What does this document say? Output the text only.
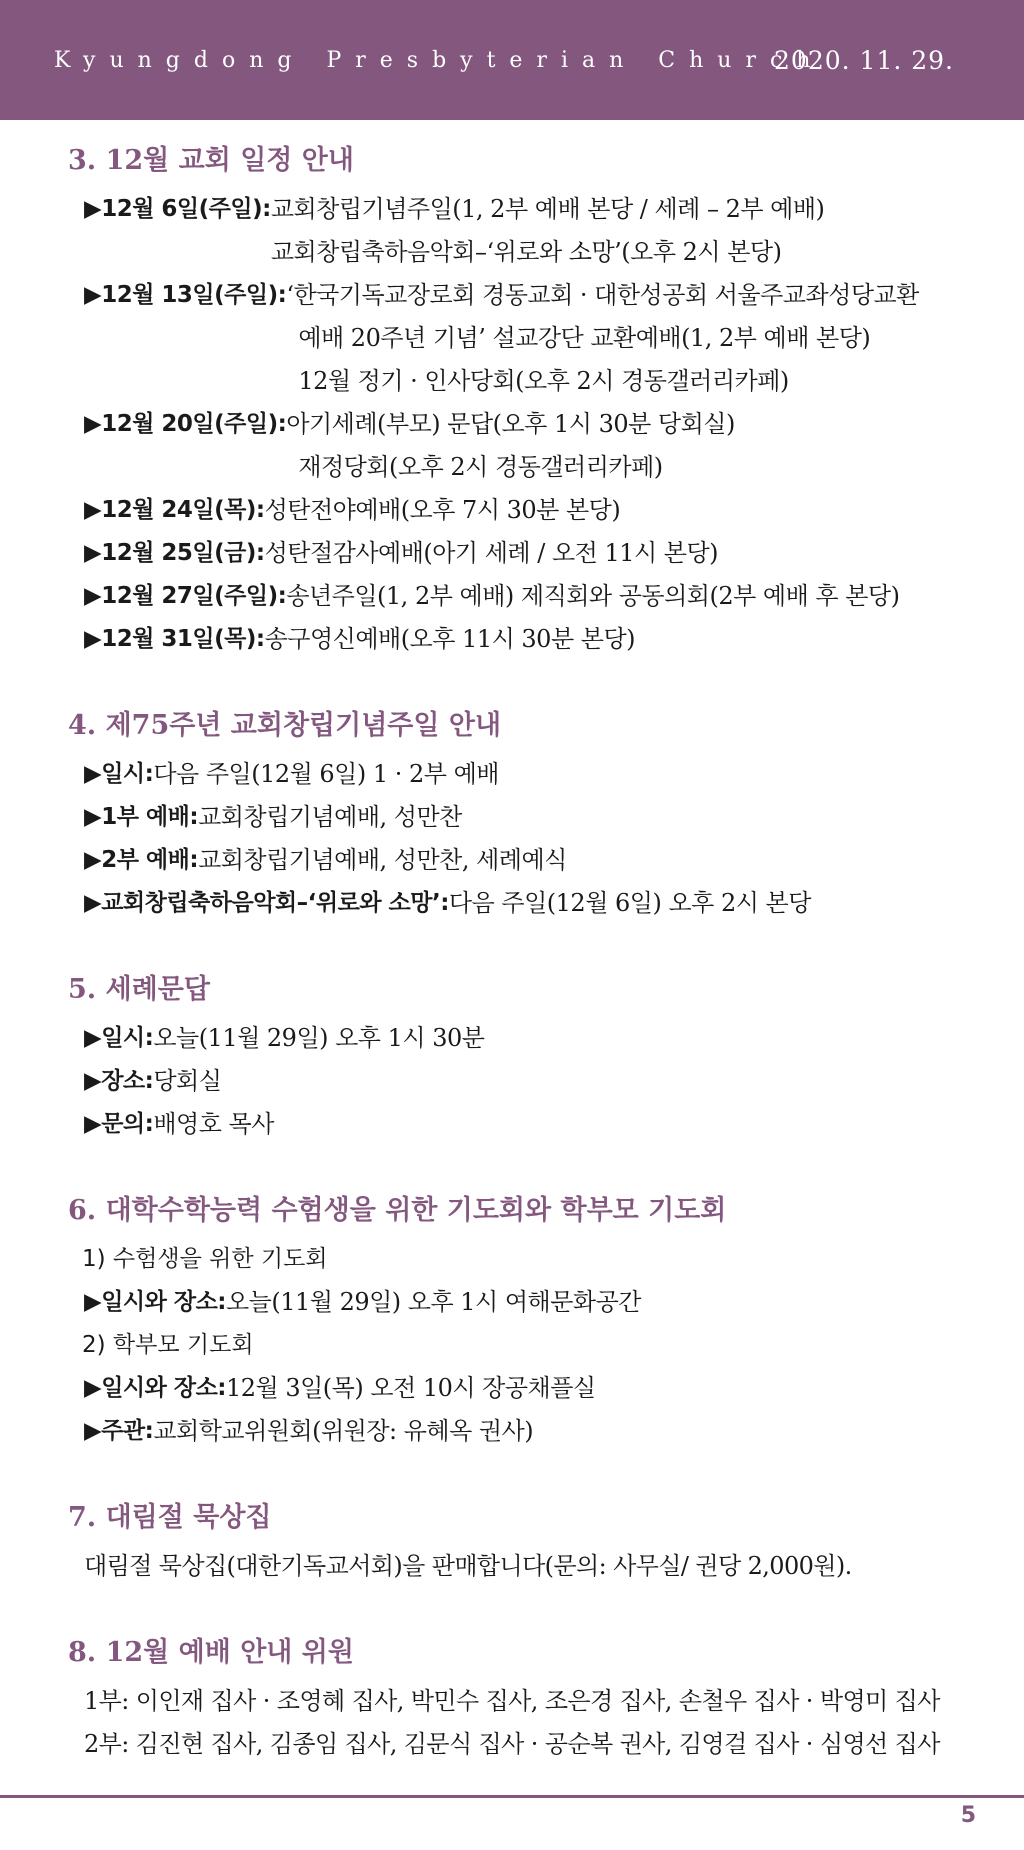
Kyungdong Presbyterian Church
2020. 11. 29.
3. 12월 교회 일정 안내
▶12월 6일(주일): 교회창립기념주일(1, 2부 예배 본당 / 세례 – 2부 예배)
교회창립축하음악회–‘위로와 소망’(오후 2시 본당)
▶12월 13일(주일): ‘한국기독교장로회 경동교회 · 대한성공회 서울주교좌성당교환
예배 20주년 기념’ 설교강단 교환예배(1, 2부 예배 본당)
12월 정기 · 인사당회(오후 2시 경동갤러리카페)
▶12월 20일(주일): 아기세례(부모) 문답(오후 1시 30분 당회실)
재정당회(오후 2시 경동갤러리카페)
▶12월 24일(목): 성탄전야예배(오후 7시 30분 본당)
▶12월 25일(금): 성탄절감사예배(아기 세례 / 오전 11시 본당)
▶12월 27일(주일): 송년주일(1, 2부 예배) 제직회와 공동의회(2부 예배 후 본당)
▶12월 31일(목): 송구영신예배(오후 11시 30분 본당)
4. 제75주년 교회창립기념주일 안내
▶일시: 다음 주일(12월 6일) 1 · 2부 예배
▶1부 예배: 교회창립기념예배, 성만찬
▶2부 예배: 교회창립기념예배, 성만찬, 세례예식
▶교회창립축하음악회–‘위로와 소망’: 다음 주일(12월 6일) 오후 2시 본당
5. 세례문답
▶일시: 오늘(11월 29일) 오후 1시 30분
▶장소: 당회실
▶문의: 배영호 목사
6. 대학수학능력 수험생을 위한 기도회와 학부모 기도회
1) 수험생을 위한 기도회
▶일시와 장소: 오늘(11월 29일) 오후 1시 여해문화공간
2) 학부모 기도회
▶일시와 장소: 12월 3일(목) 오전 10시 장공채플실
▶주관: 교회학교위원회(위원장: 유혜옥 권사)
7. 대림절 묵상집
대림절 묵상집(대한기독교서회)을 판매합니다(문의: 사무실/ 권당 2,000원).
8. 12월 예배 안내 위원
1부: 이인재 집사 · 조영혜 집사, 박민수 집사, 조은경 집사, 손철우 집사 · 박영미 집사
2부: 김진현 집사, 김종임 집사, 김문식 집사 · 공순복 권사, 김영걸 집사 · 심영선 집사
5
